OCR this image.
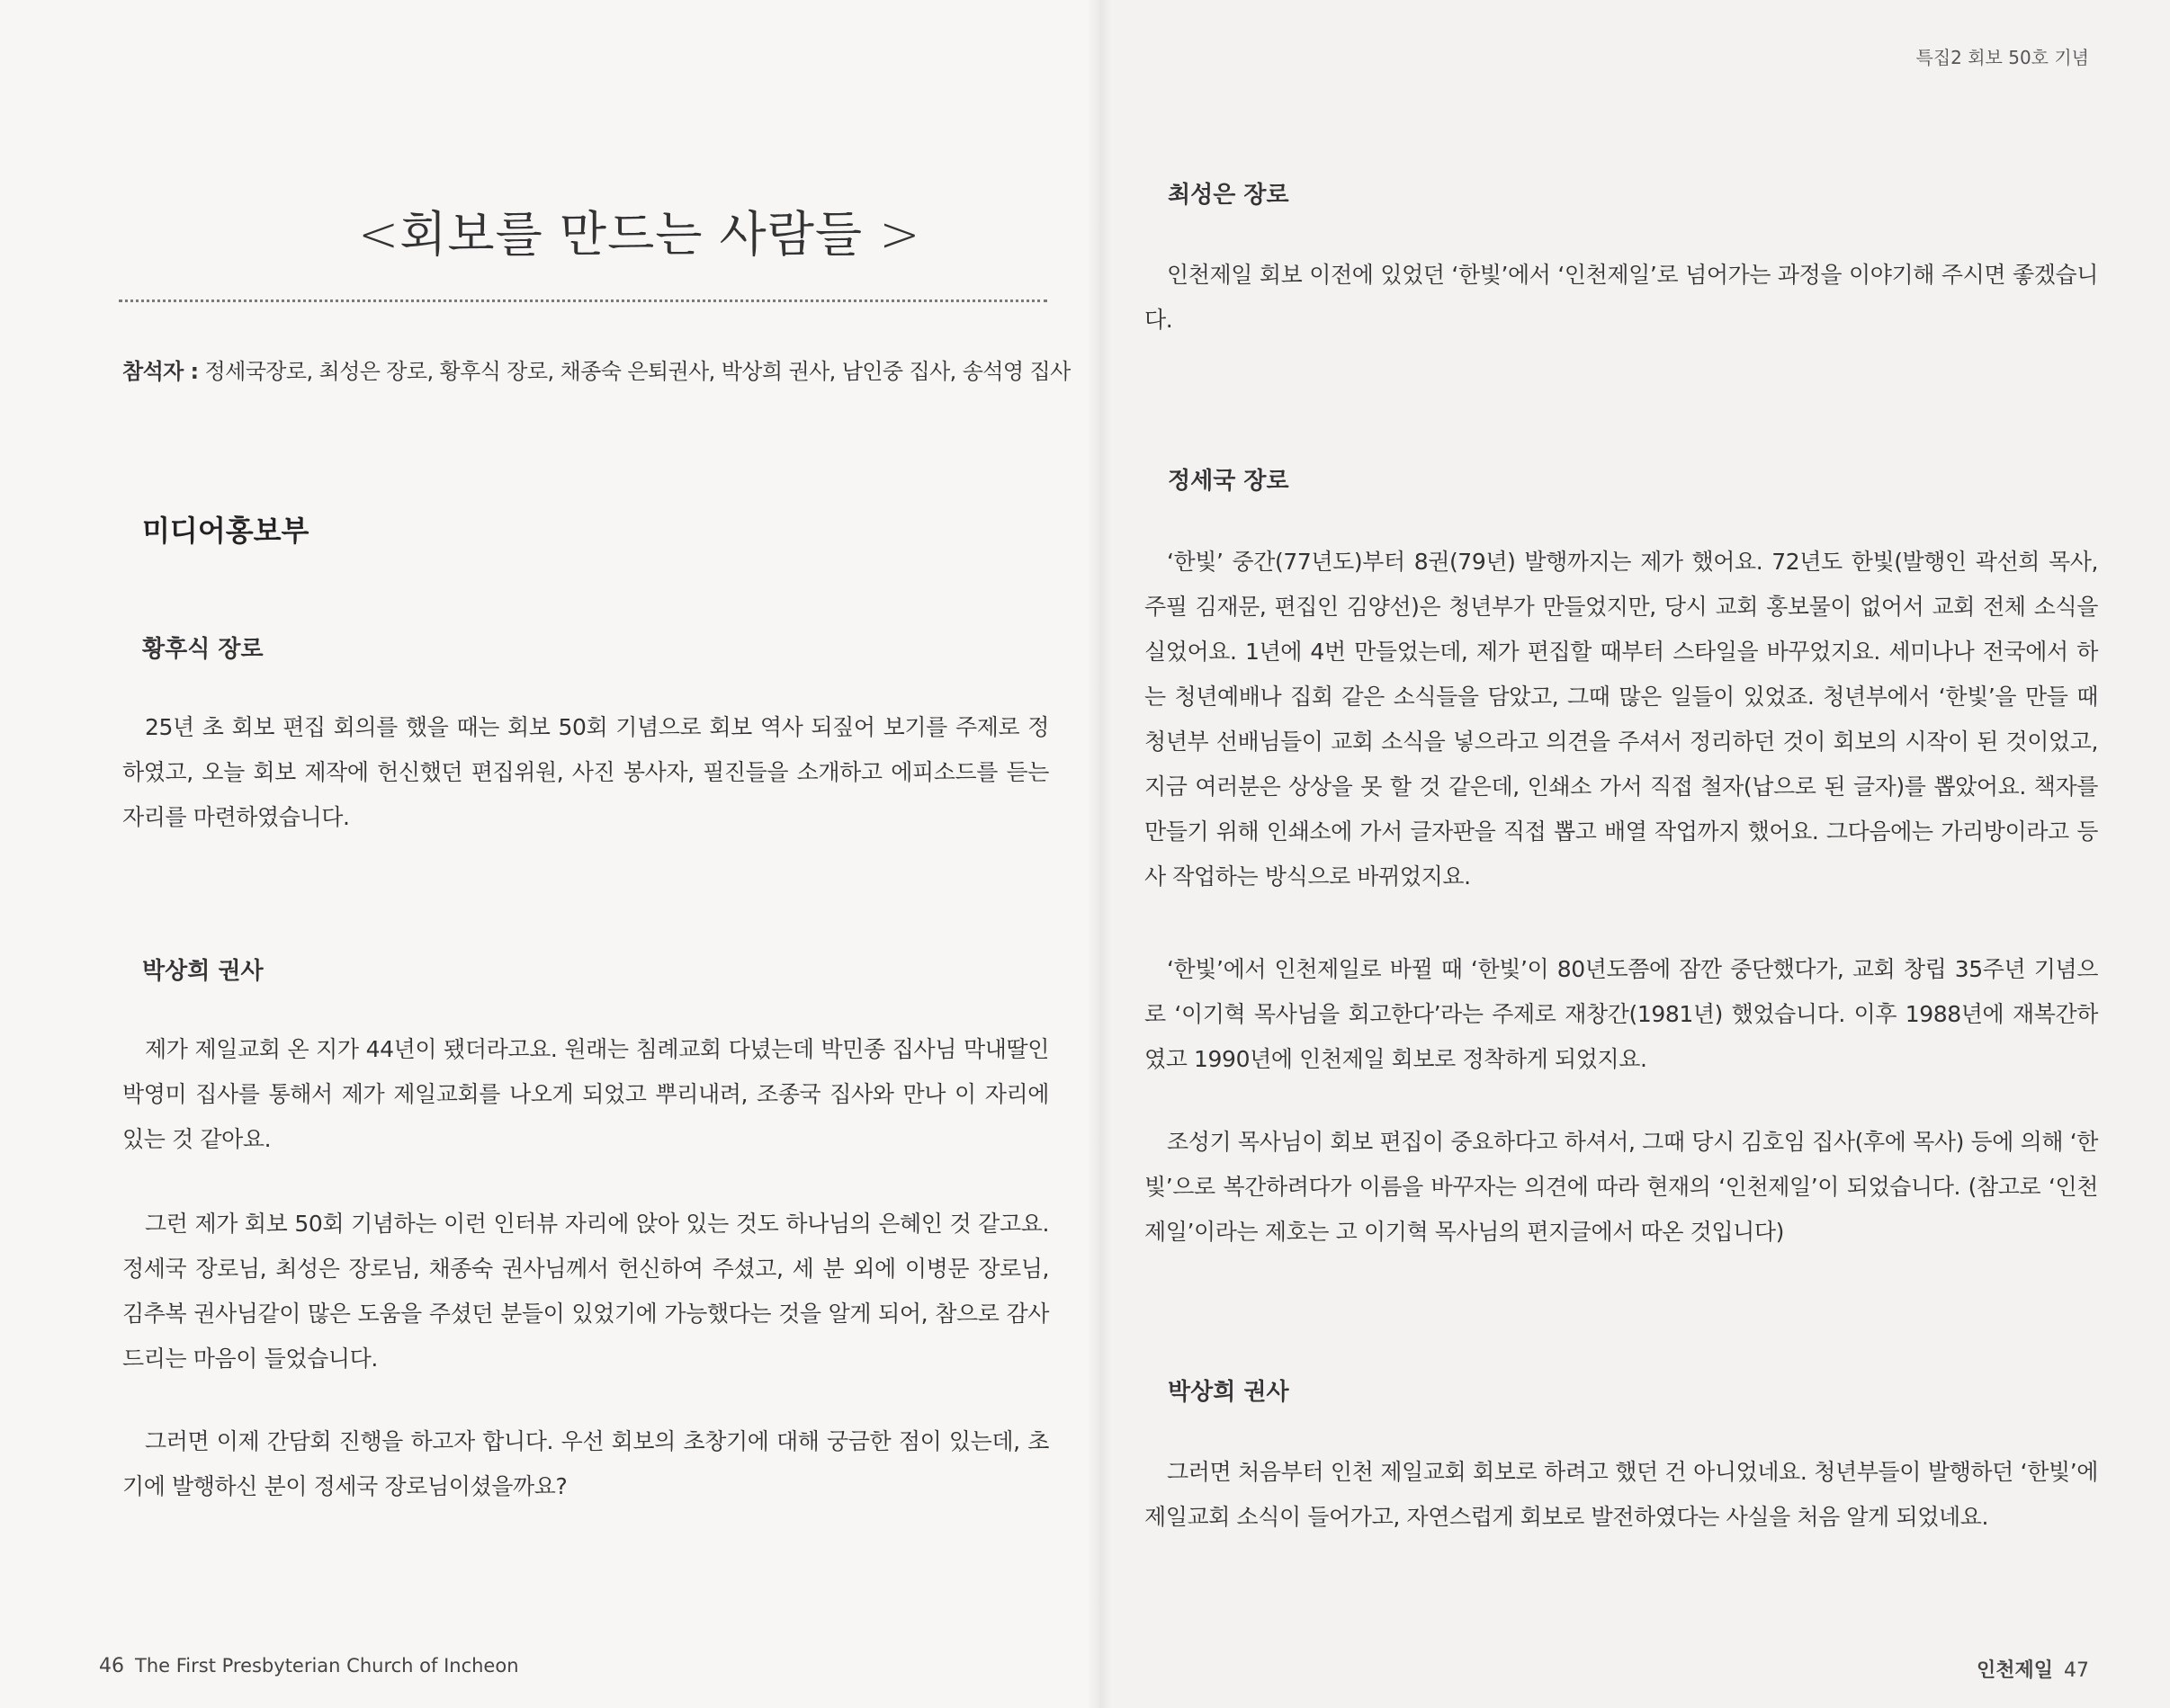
<회보를 만드는 사람들 >

참석자 : 정세국장로, 최성은 장로, 황후식 장로, 채종숙 은퇴권사, 박상희 권사, 남인중 집사, 송석영 집사

미디어홍보부
황후식 장로

25년 초 회보 편집 회의를 했을 때는 회보 50회 기념으로 회보 역사 되짚어 보기를 주제로 정하였고, 오늘 회보 제작에 헌신했던 편집위원, 사진 봉사자, 필진들을 소개하고 에피소드를 듣는 자리를 마련하였습니다.

박상희 권사

제가 제일교회 온 지가 44년이 됐더라고요. 원래는 침례교회 다녔는데 박민종 집사님 막내딸인 박영미 집사를 통해서 제가 제일교회를 나오게 되었고 뿌리내려, 조종국 집사와 만나 이 자리에 있는 것 같아요.

그런 제가 회보 50회 기념하는 이런 인터뷰 자리에 앉아 있는 것도 하나님의 은혜인 것 같고요. 정세국 장로님, 최성은 장로님, 채종숙 권사님께서 헌신하여 주셨고, 세 분 외에 이병문 장로님, 김추복 권사님같이 많은 도움을 주셨던 분들이 있었기에 가능했다는 것을 알게 되어, 참으로 감사드리는 마음이 들었습니다.

그러면 이제 간담회 진행을 하고자 합니다. 우선 회보의 초창기에 대해 궁금한 점이 있는데, 초기에 발행하신 분이 정세국 장로님이셨을까요?

46 The First Presbyterian Church of Incheon
특집2 회보 50호 기념
최성은 장로

인천제일 회보 이전에 있었던 ‘한빛’에서 ‘인천제일’로 넘어가는 과정을 이야기해 주시면 좋겠습니다.

정세국 장로

‘한빛’ 중간(77년도)부터 8권(79년) 발행까지는 제가 했어요. 72년도 한빛(발행인 곽선희 목사, 주필 김재문, 편집인 김양선)은 청년부가 만들었지만, 당시 교회 홍보물이 없어서 교회 전체 소식을 실었어요. 1년에 4번 만들었는데, 제가 편집할 때부터 스타일을 바꾸었지요. 세미나나 전국에서 하는 청년예배나 집회 같은 소식들을 담았고, 그때 많은 일들이 있었죠. 청년부에서 ‘한빛’을 만들 때 청년부 선배님들이 교회 소식을 넣으라고 의견을 주셔서 정리하던 것이 회보의 시작이 된 것이었고, 지금 여러분은 상상을 못 할 것 같은데, 인쇄소 가서 직접 철자(납으로 된 글자)를 뽑았어요. 책자를 만들기 위해 인쇄소에 가서 글자판을 직접 뽑고 배열 작업까지 했어요. 그다음에는 가리방이라고 등사 작업하는 방식으로 바뀌었지요.

‘한빛’에서 인천제일로 바뀔 때 ‘한빛’이 80년도쯤에 잠깐 중단했다가, 교회 창립 35주년 기념으로 ‘이기혁 목사님을 회고한다’라는 주제로 재창간(1981년) 했었습니다. 이후 1988년에 재복간하였고 1990년에 인천제일 회보로 정착하게 되었지요.

조성기 목사님이 회보 편집이 중요하다고 하셔서, 그때 당시 김호임 집사(후에 목사) 등에 의해 ‘한빛’으로 복간하려다가 이름을 바꾸자는 의견에 따라 현재의 ‘인천제일’이 되었습니다. (참고로 ‘인천제일’이라는 제호는 고 이기혁 목사님의 편지글에서 따온 것입니다)

박상희 권사

그러면 처음부터 인천 제일교회 회보로 하려고 했던 건 아니었네요. 청년부들이 발행하던 ‘한빛’에 제일교회 소식이 들어가고, 자연스럽게 회보로 발전하였다는 사실을 처음 알게 되었네요.

인천제일 47
